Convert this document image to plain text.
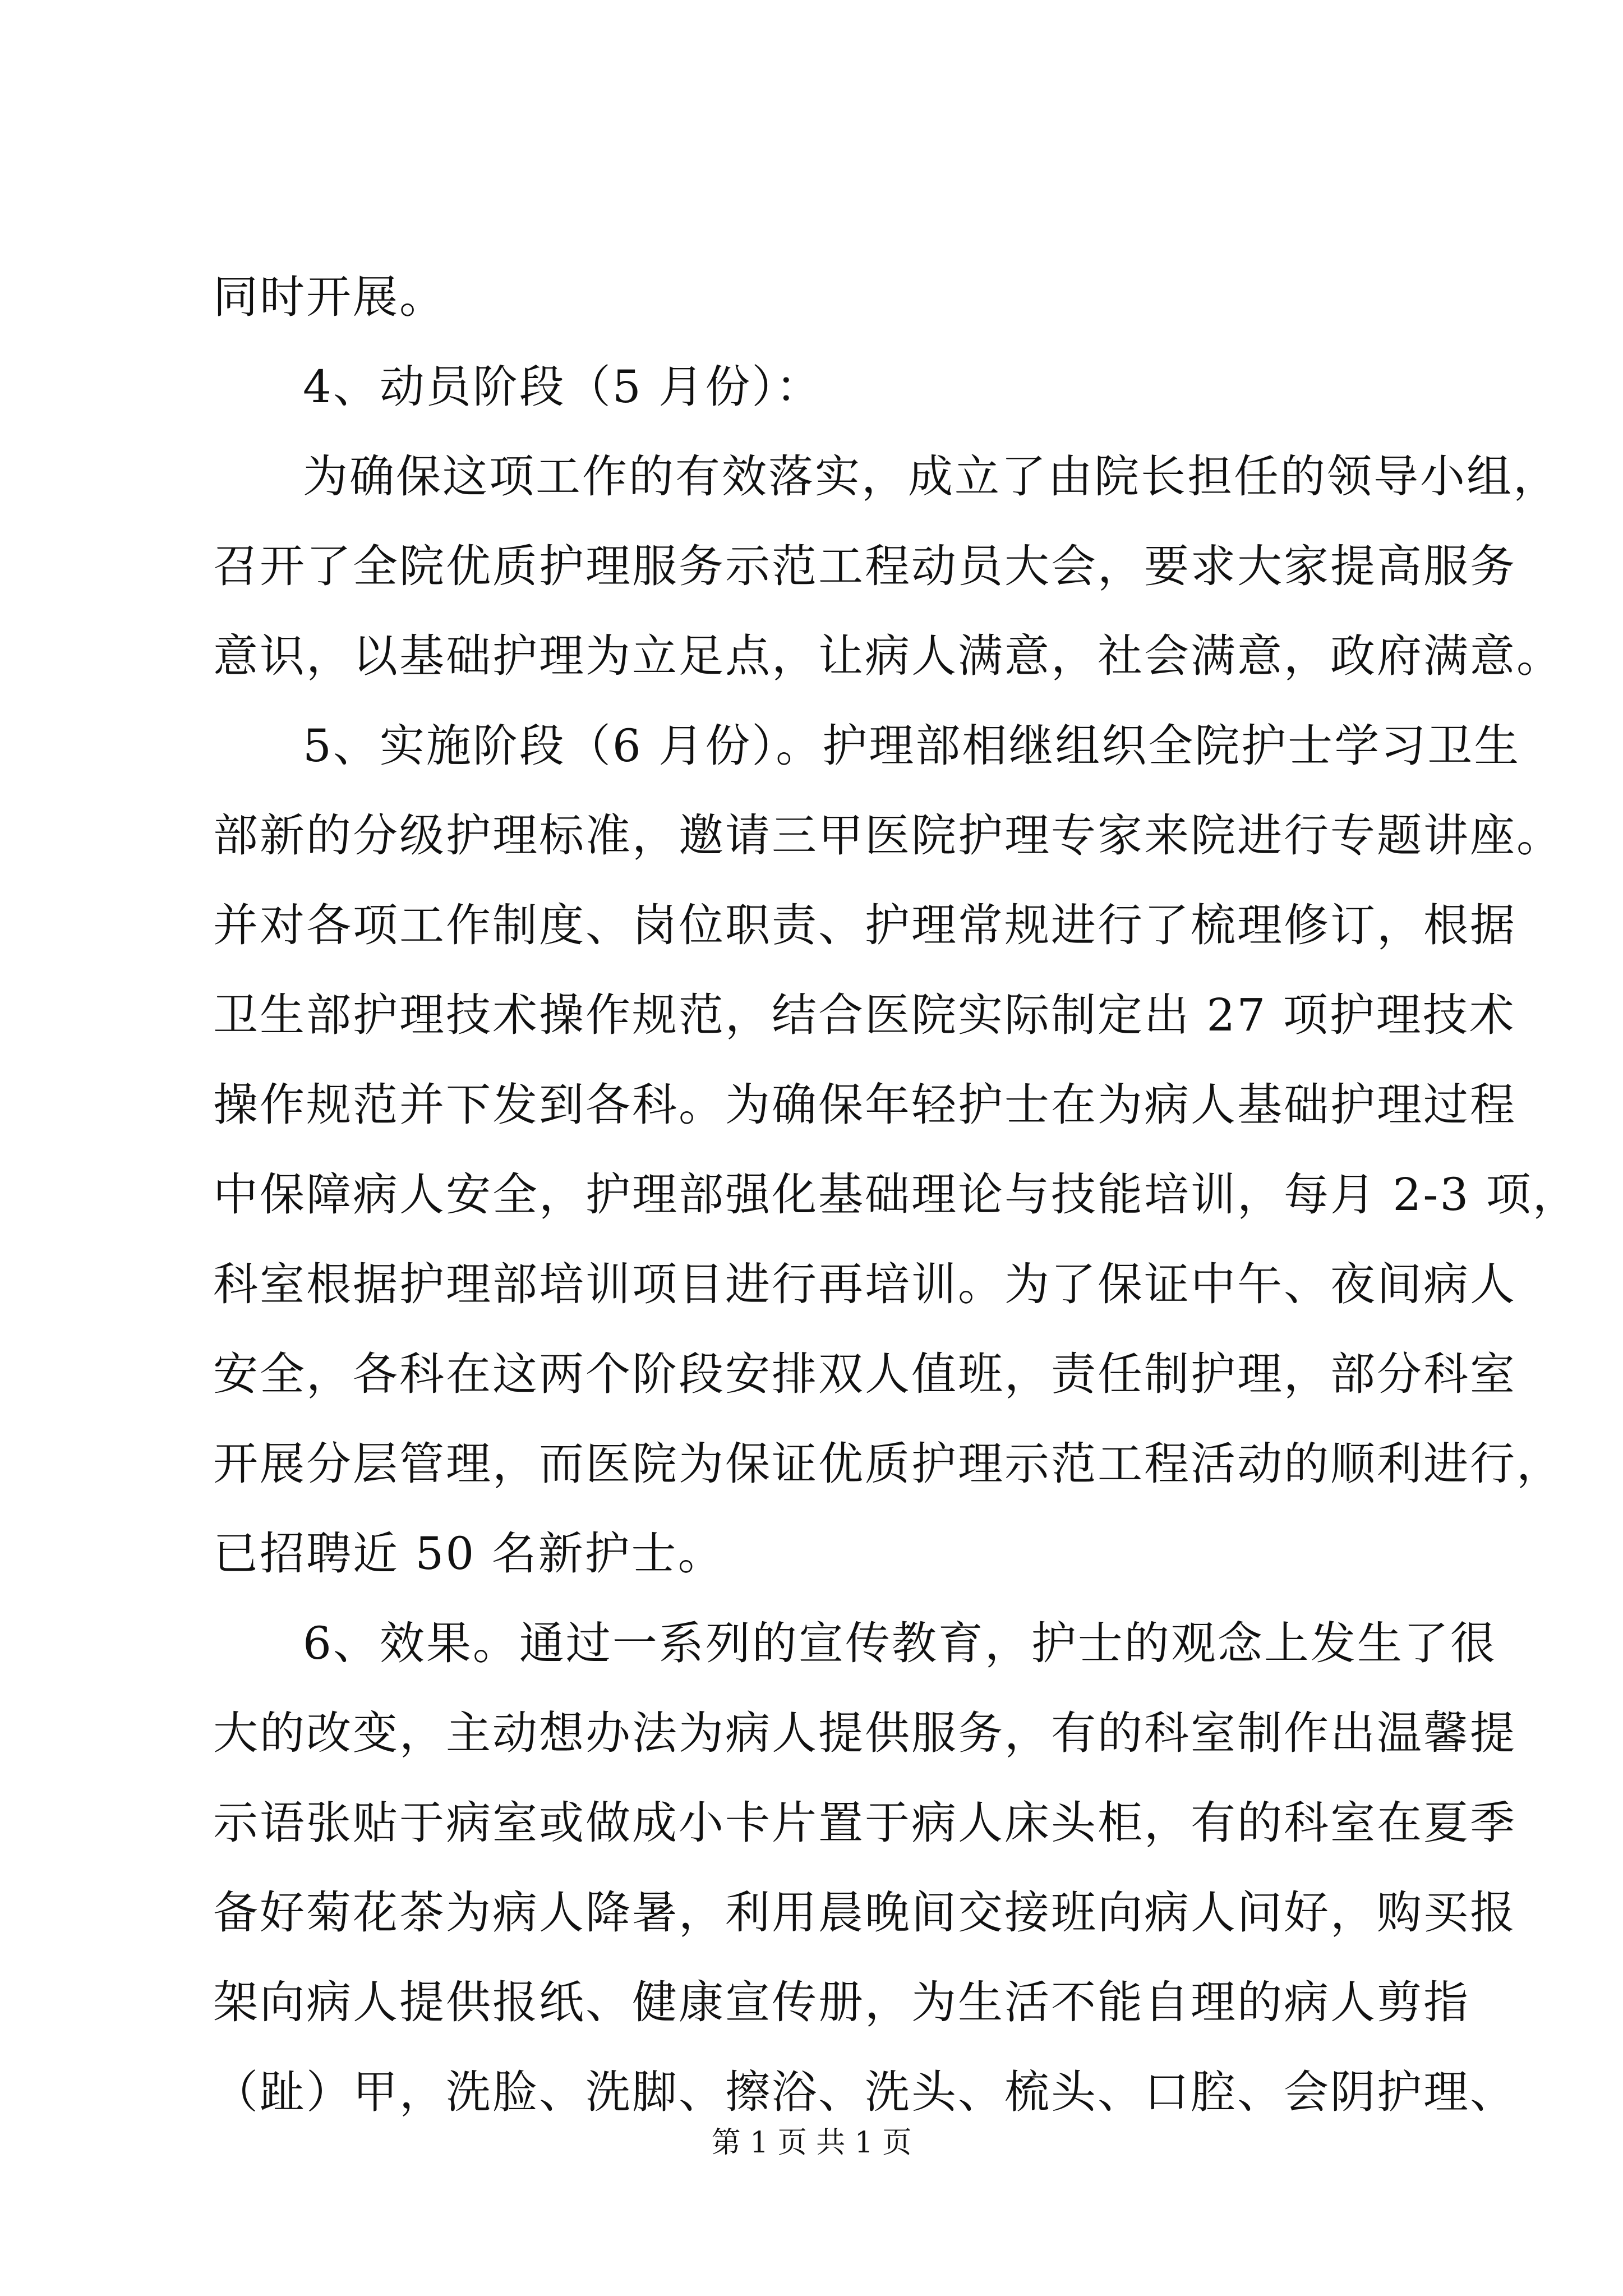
同时开展。
4、动员阶段（5 月份）：
为确保这项工作的有效落实，成立了由院长担任的领导小组，
召开了全院优质护理服务示范工程动员大会，要求大家提高服务
意识，以基础护理为立足点，让病人满意，社会满意，政府满意。
5、实施阶段（6 月份）。护理部相继组织全院护士学习卫生
部新的分级护理标准，邀请三甲医院护理专家来院进行专题讲座。
并对各项工作制度、岗位职责、护理常规进行了梳理修订，根据
卫生部护理技术操作规范，结合医院实际制定出 27 项护理技术
操作规范并下发到各科。为确保年轻护士在为病人基础护理过程
中保障病人安全，护理部强化基础理论与技能培训，每月 2-3 项，
科室根据护理部培训项目进行再培训。为了保证中午、夜间病人
安全，各科在这两个阶段安排双人值班，责任制护理，部分科室
开展分层管理，而医院为保证优质护理示范工程活动的顺利进行，
已招聘近 50 名新护士。
6、效果。通过一系列的宣传教育，护士的观念上发生了很
大的改变，主动想办法为病人提供服务，有的科室制作出温馨提
示语张贴于病室或做成小卡片置于病人床头柜，有的科室在夏季
备好菊花茶为病人降暑，利用晨晚间交接班向病人问好，购买报
架向病人提供报纸、健康宣传册，为生活不能自理的病人剪指
（趾）甲，洗脸、洗脚、擦浴、洗头、梳头、口腔、会阴护理、
第 1 页 共 1 页
